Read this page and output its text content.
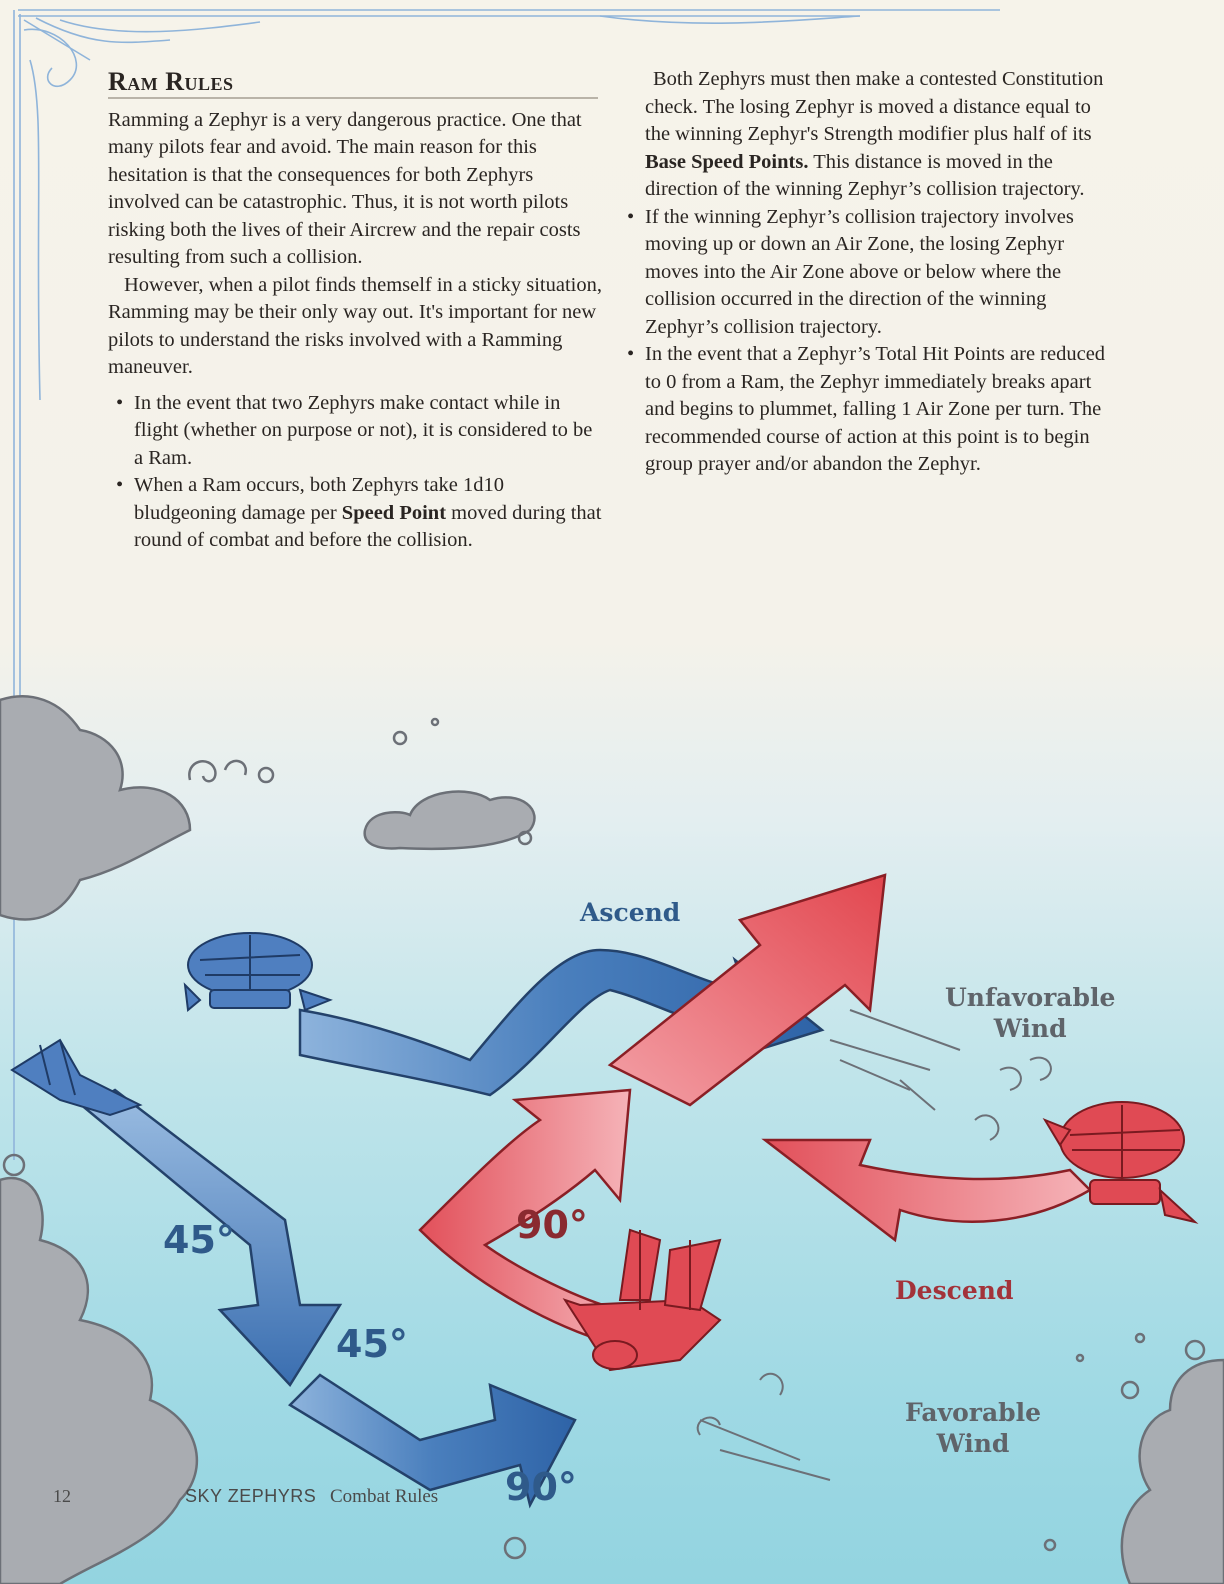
Ram Rules

Ramming a Zephyr is a very dangerous practice. One that many pilots fear and avoid. The main reason for this hesitation is that the consequences for both Zephyrs involved can be catastrophic. Thus, it is not worth pilots risking both the lives of their Aircrew and the repair costs resulting from such a collision.

However, when a pilot finds themself in a sticky situation, Ramming may be their only way out. It's important for new pilots to understand the risks involved with a Ramming maneuver.

• In the event that two Zephyrs make contact while in flight (whether on purpose or not), it is considered to be a Ram.
• When a Ram occurs, both Zephyrs take 1d10 bludgeoning damage per Speed Point moved during that round of combat and before the collision.

Both Zephyrs must then make a contested Constitution check. The losing Zephyr is moved a distance equal to the winning Zephyr's Strength modifier plus half of its Base Speed Points. This distance is moved in the direction of the winning Zephyr’s collision trajectory.

• If the winning Zephyr’s collision trajectory involves moving up or down an Air Zone, the losing Zephyr moves into the Air Zone above or below where the collision occurred in the direction of the winning Zephyr’s collision trajectory.
• In the event that a Zephyr’s Total Hit Points are reduced to 0 from a Ram, the Zephyr immediately breaks apart and begins to plummet, falling 1 Air Zone per turn. The recommended course of action at this point is to begin group prayer and/or abandon the Zephyr.
Ascend
Unfavorable
Wind
Descend
Favorable
Wind
45°
45°
90°
90°
12	SKY ZEPHYRS Combat Rules
